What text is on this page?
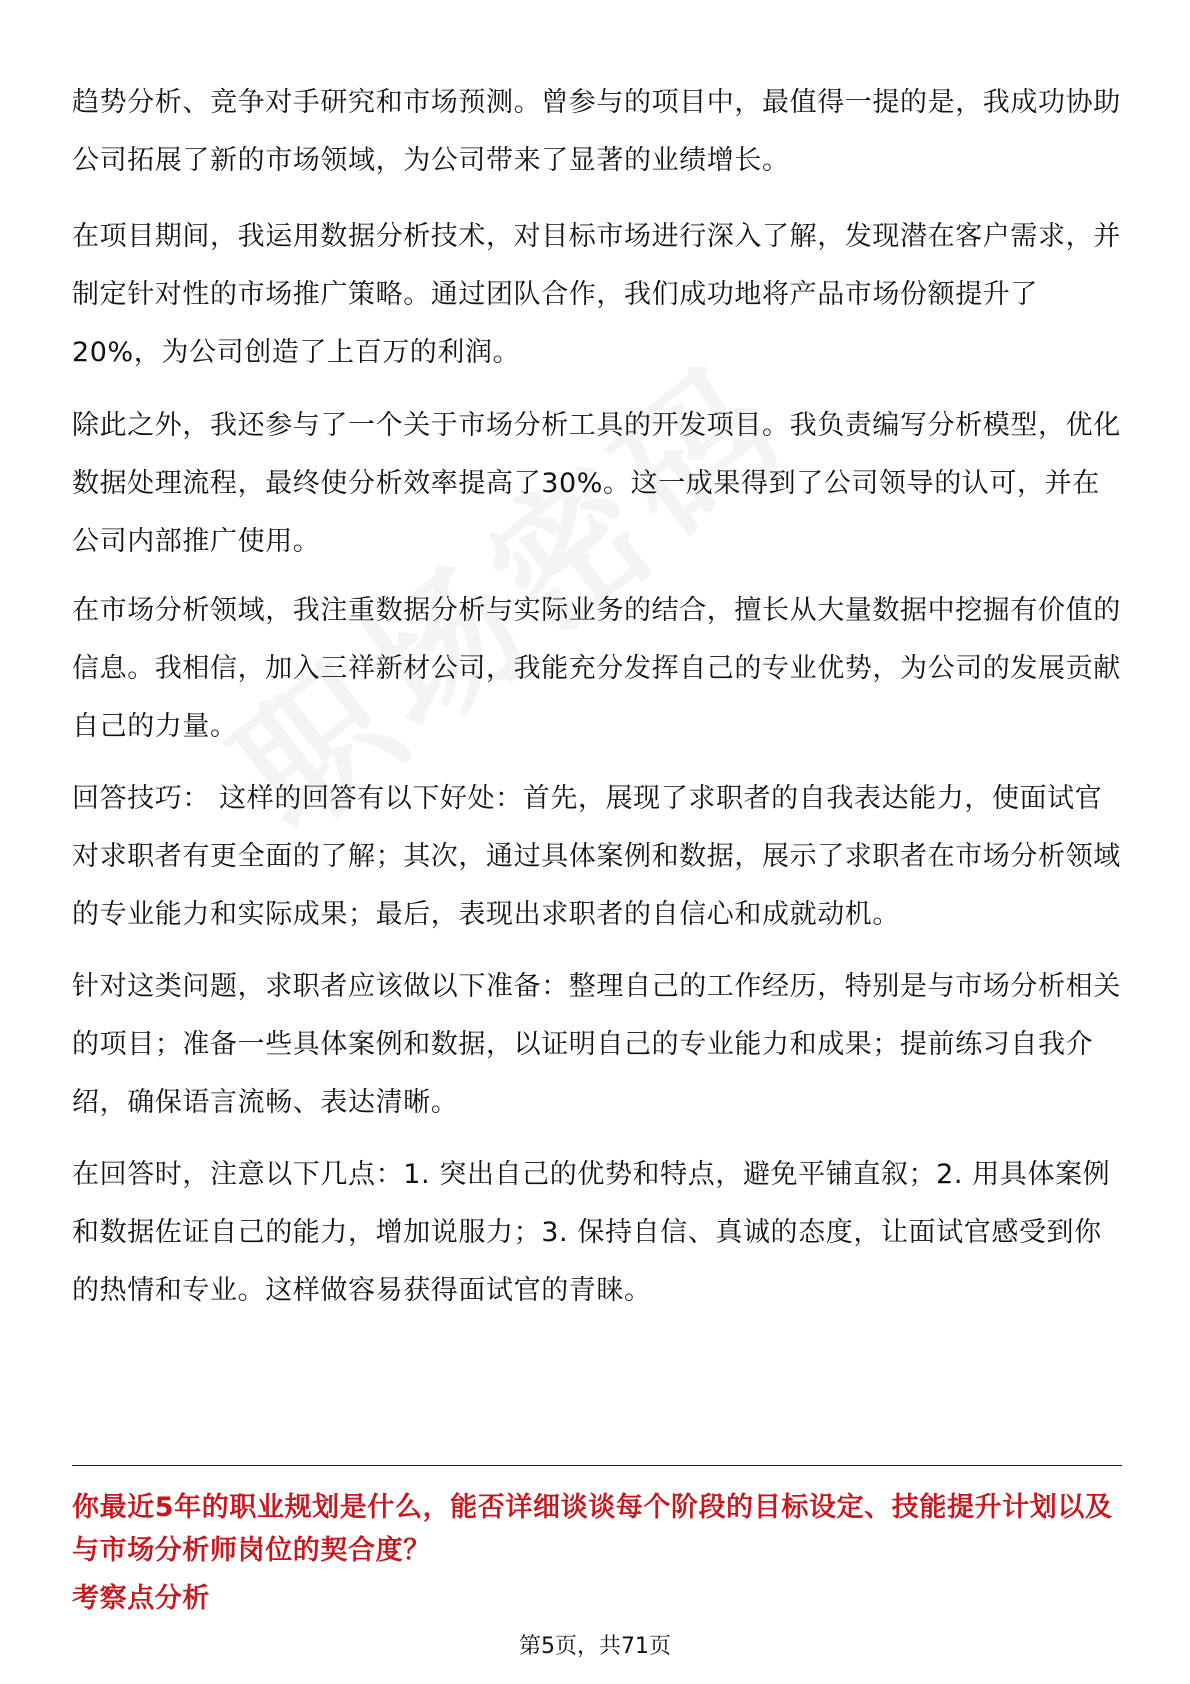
趋势分析、竞争对手研究和市场预测。曾参与的项目中，最值得一提的是，我成功协助公司拓展了新的市场领域，为公司带来了显著的业绩增长。

在项目期间，我运用数据分析技术，对目标市场进行深入了解，发现潜在客户需求，并制定针对性的市场推广策略。通过团队合作，我们成功地将产品市场份额提升了20%，为公司创造了上百万的利润。

除此之外，我还参与了一个关于市场分析工具的开发项目。我负责编写分析模型，优化数据处理流程，最终使分析效率提高了30%。这一成果得到了公司领导的认可，并在公司内部推广使用。

在市场分析领域，我注重数据分析与实际业务的结合，擅长从大量数据中挖掘有价值的信息。我相信，加入三祥新材公司，我能充分发挥自己的专业优势，为公司的发展贡献自己的力量。

回答技巧： 这样的回答有以下好处：首先，展现了求职者的自我表达能力，使面试官对求职者有更全面的了解；其次，通过具体案例和数据，展示了求职者在市场分析领域的专业能力和实际成果；最后，表现出求职者的自信心和成就动机。

针对这类问题，求职者应该做以下准备：整理自己的工作经历，特别是与市场分析相关的项目；准备一些具体案例和数据，以证明自己的专业能力和成果；提前练习自我介绍，确保语言流畅、表达清晰。

在回答时，注意以下几点：1. 突出自己的优势和特点，避免平铺直叙；2. 用具体案例和数据佐证自己的能力，增加说服力；3. 保持自信、真诚的态度，让面试官感受到你的热情和专业。这样做容易获得面试官的青睐。

你最近5年的职业规划是什么，能否详细谈谈每个阶段的目标设定、技能提升计划以及与市场分析师岗位的契合度？

考察点分析

第5页，共71页
